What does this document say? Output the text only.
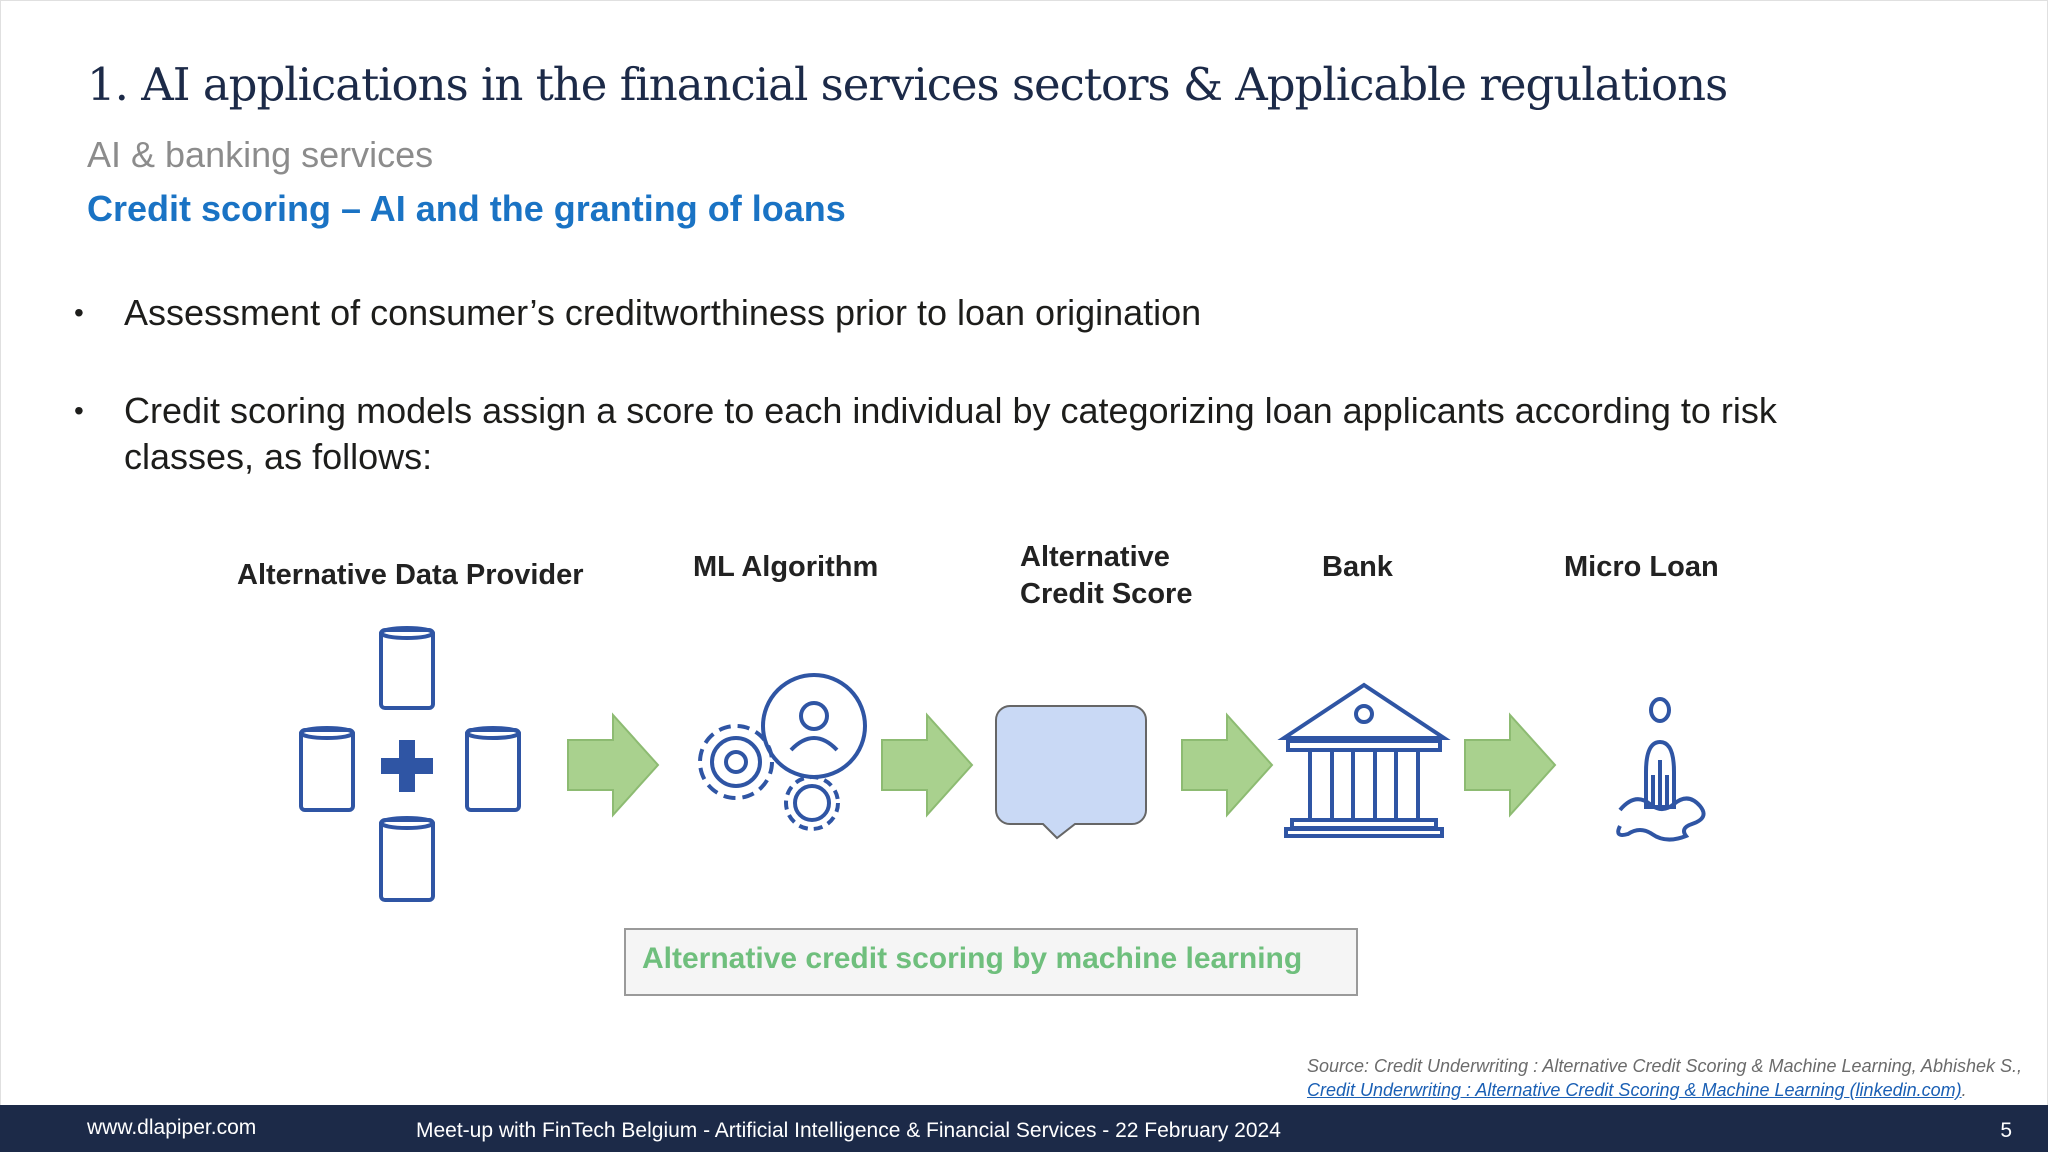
1. AI applications in the financial services sectors & Applicable regulations
AI & banking services
Credit scoring – AI and the granting of loans
• Assessment of consumer’s creditworthiness prior to loan origination
• Credit scoring models assign a score to each individual by categorizing loan applicants according to risk classes, as follows:
Alternative Data Provider	ML Algorithm	Alternative Credit Score
Bank	Micro Loan
Alternative credit scoring by machine learning
Source: Credit Underwriting : Alternative Credit Scoring & Machine Learning, Abhishek S.,
Credit Underwriting : Alternative Credit Scoring & Machine Learning (linkedin.com).
www.dlapiper.com	Meet-up with FinTech Belgium - Artificial Intelligence & Financial Services - 22 February 2024	5
